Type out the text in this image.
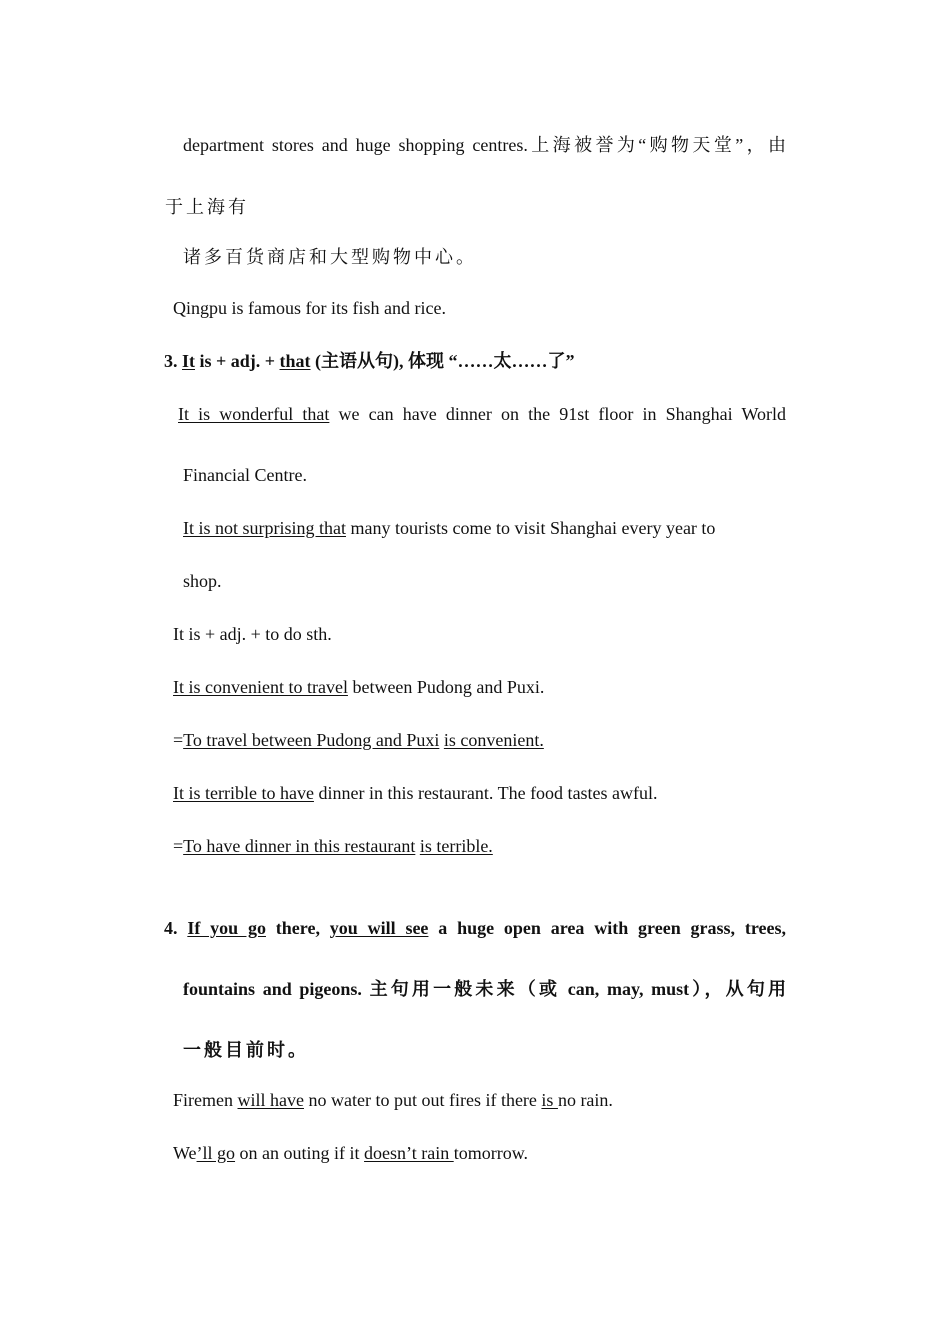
department stores and huge shopping centres.上海被誉为“购物天堂”，由
于上海有
诸多百货商店和大型购物中心。
Qingpu is famous for its fish and rice.
3. It is + adj. + that (主语从句), 体现 “……太……了”
It is wonderful that we can have dinner on the 91st floor in Shanghai World
Financial Centre.
It is not surprising that many tourists come to visit Shanghai every year to
shop.
It is + adj. + to do sth.
It is convenient to travel between Pudong and Puxi.
=To travel between Pudong and Puxi is convenient.
It is terrible to have dinner in this restaurant. The food tastes awful.
=To have dinner in this restaurant is terrible.
4. If you go there, you will see a huge open area with green grass, trees,
fountains and pigeons. 主句用一般未来（或 can, may, must），从句用
一般目前时。
Firemen will have no water to put out fires if there is no rain.
We’ll go on an outing if it doesn’t rain tomorrow.
